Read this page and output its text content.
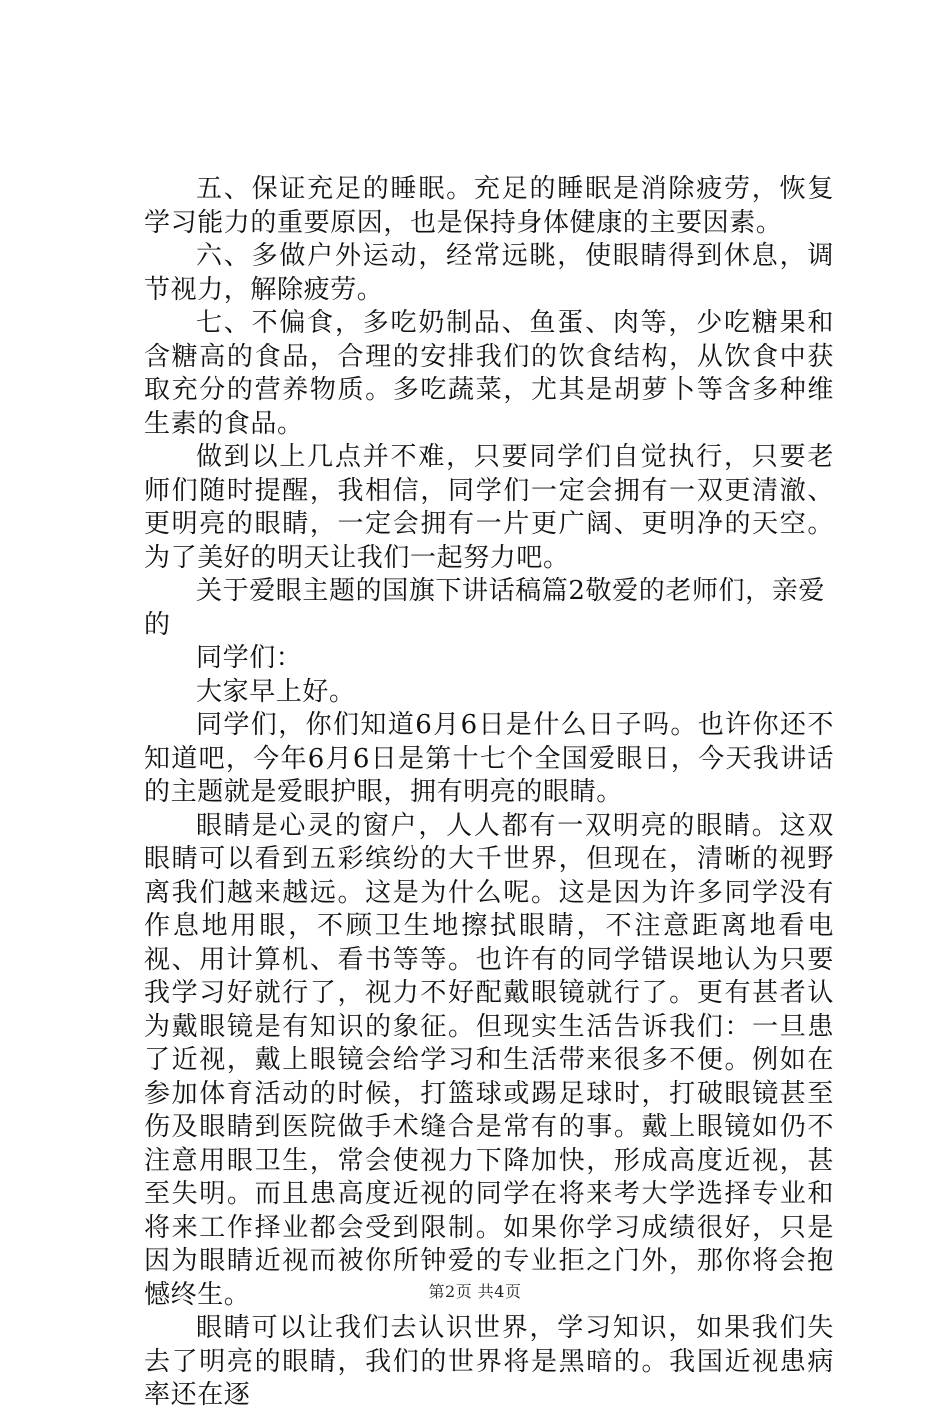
五、保证充足的睡眠。充足的睡眠是消除疲劳，恢复学习能力的重要原因，也是保持身体健康的主要因素。

六、多做户外运动，经常远眺，使眼睛得到休息，调节视力，解除疲劳。

七、不偏食，多吃奶制品、鱼蛋、肉等，少吃糖果和含糖高的食品，合理的安排我们的饮食结构，从饮食中获取充分的营养物质。多吃蔬菜，尤其是胡萝卜等含多种维生素的食品。

做到以上几点并不难，只要同学们自觉执行，只要老师们随时提醒，我相信，同学们一定会拥有一双更清澈、更明亮的眼睛，一定会拥有一片更广阔、更明净的天空。为了美好的明天让我们一起努力吧。

关于爱眼主题的国旗下讲话稿篇2敬爱的老师们，亲爱的

同学们：

大家早上好。

同学们，你们知道6月6日是什么日子吗。也许你还不知道吧，今年6月6日是第十七个全国爱眼日，今天我讲话的主题就是爱眼护眼，拥有明亮的眼睛。

眼睛是心灵的窗户，人人都有一双明亮的眼睛。这双眼睛可以看到五彩缤纷的大千世界，但现在，清晰的视野离我们越来越远。这是为什么呢。这是因为许多同学没有作息地用眼，不顾卫生地擦拭眼睛，不注意距离地看电视、用计算机、看书等等。也许有的同学错误地认为只要我学习好就行了，视力不好配戴眼镜就行了。更有甚者认为戴眼镜是有知识的象征。但现实生活告诉我们：一旦患了近视，戴上眼镜会给学习和生活带来很多不便。例如在参加体育活动的时候，打篮球或踢足球时，打破眼镜甚至伤及眼睛到医院做手术缝合是常有的事。戴上眼镜如仍不注意用眼卫生，常会使视力下降加快，形成高度近视，甚至失明。而且患高度近视的同学在将来考大学选择专业和将来工作择业都会受到限制。如果你学习成绩很好，只是因为眼睛近视而被你所钟爱的专业拒之门外，那你将会抱憾终生。

眼睛可以让我们去认识世界，学习知识，如果我们失去了明亮的眼睛，我们的世界将是黑暗的。我国近视患病率还在逐

第2页 共4页
